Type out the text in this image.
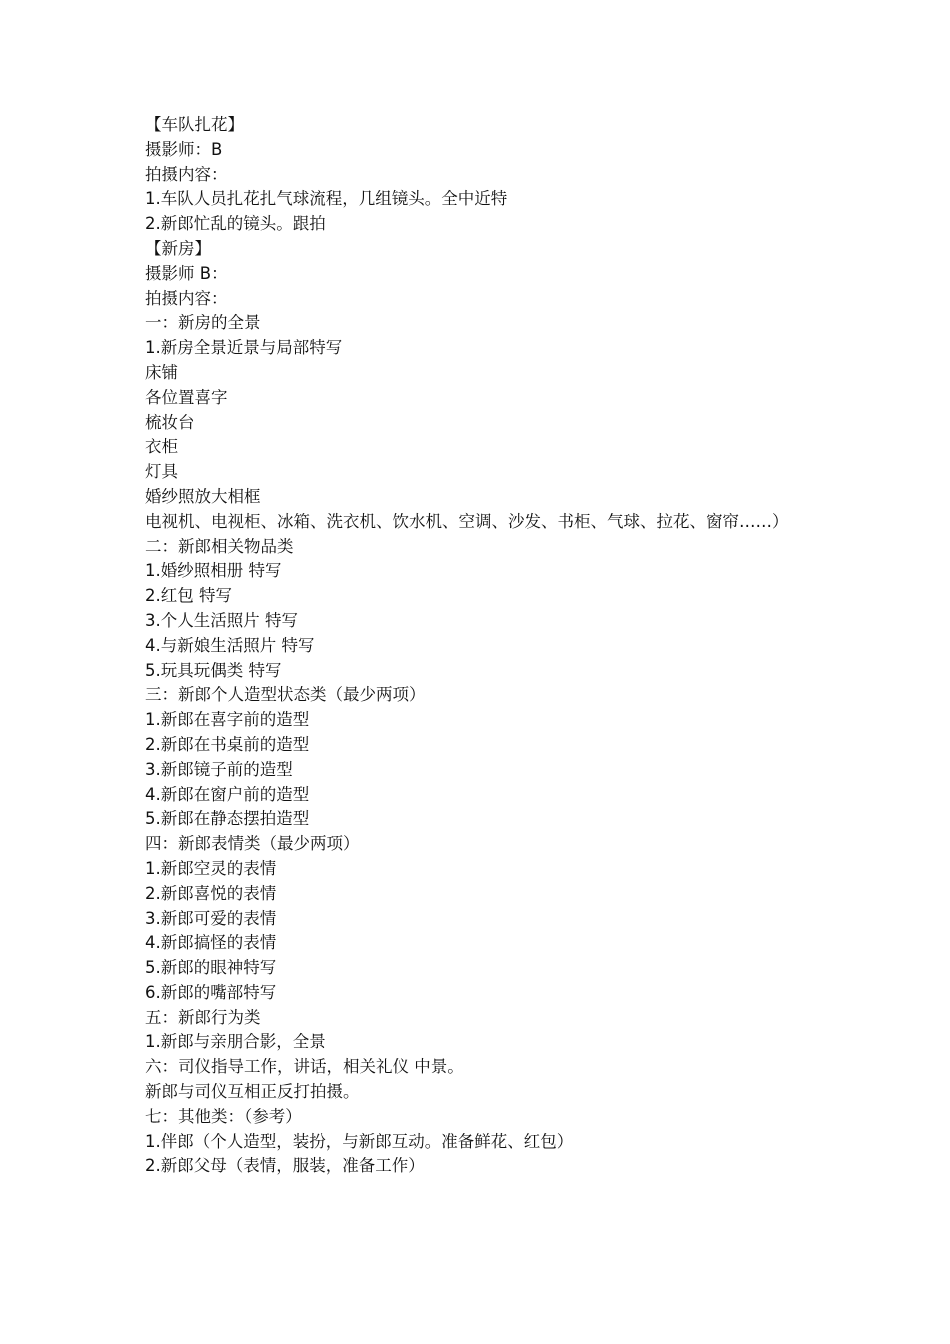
【车队扎花】

摄影师：B

拍摄内容：

1.车队人员扎花扎气球流程，几组镜头。全中近特

2.新郎忙乱的镜头。跟拍

【新房】

摄影师 B：

拍摄内容：

一：新房的全景

1.新房全景近景与局部特写

床铺

各位置喜字

梳妆台

衣柜

灯具

婚纱照放大相框

电视机、电视柜、冰箱、洗衣机、饮水机、空调、沙发、书柜、气球、拉花、窗帘……）

二：新郎相关物品类

1.婚纱照相册 特写

2.红包 特写

3.个人生活照片 特写

4.与新娘生活照片 特写

5.玩具玩偶类 特写

三：新郎个人造型状态类（最少两项）

1.新郎在喜字前的造型

2.新郎在书桌前的造型

3.新郎镜子前的造型

4.新郎在窗户前的造型

5.新郎在静态摆拍造型

四：新郎表情类（最少两项）

1.新郎空灵的表情

2.新郎喜悦的表情

3.新郎可爱的表情

4.新郎搞怪的表情

5.新郎的眼神特写

6.新郎的嘴部特写

五：新郎行为类

1.新郎与亲朋合影，全景

六：司仪指导工作，讲话，相关礼仪 中景。

新郎与司仪互相正反打拍摄。

七：其他类：（参考）

1.伴郎（个人造型，装扮，与新郎互动。准备鲜花、红包）

2.新郎父母（表情，服装，准备工作）
